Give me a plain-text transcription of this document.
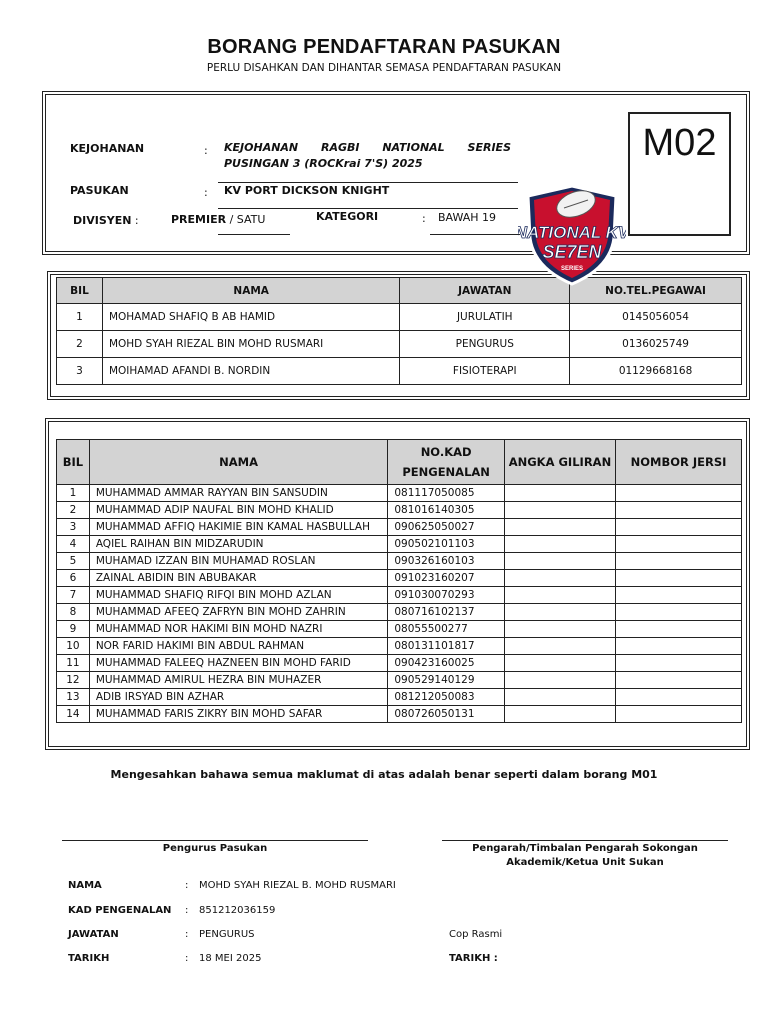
BORANG PENDAFTARAN PASUKAN
PERLU DISAHKAN DAN DIHANTAR SEMASA PENDAFTARAN PASUKAN
KEJOHANAN	: KEJOHANAN RAGBI NATIONAL SERIES PUSINGAN 3 (ROCKrai 7'S) 2025
PASUKAN	: KV PORT DICKSON KNIGHT
DIVISYEN :	PREMIER / SATU	KATEGORI	: BAWAH 19
M02
BIL	NAMA	JAWATAN	NO.TEL.PEGAWAI
1	MOHAMAD SHAFIQ B AB HAMID	JURULATIH	0145056054
2	MOHD SYAH RIEZAL BIN MOHD RUSMARI	PENGURUS	0136025749
3	MOIHAMAD AFANDI B. NORDIN	FISIOTERAPI	01129668168
NATIONAL KV
SE7EN
SERIES
BIL	NAMA	NO.KAD PENGENALAN	ANGKA GILIRAN	NOMBOR JERSI
1	MUHAMMAD AMMAR RAYYAN BIN SANSUDIN	081117050085		
2	MUHAMMAD ADIP NAUFAL BIN MOHD KHALID	081016140305		
3	MUHAMMAD AFFIQ HAKIMIE BIN KAMAL HASBULLAH	090625050027		
4	AQIEL RAIHAN BIN MIDZARUDIN	090502101103		
5	MUHAMAD IZZAN BIN MUHAMAD ROSLAN	090326160103		
6	ZAINAL ABIDIN BIN ABUBAKAR	091023160207		
7	MUHAMMAD SHAFIQ RIFQI BIN MOHD AZLAN	091030070293		
8	MUHAMMAD AFEEQ ZAFRYN BIN MOHD ZAHRIN	080716102137		
9	MUHAMMAD NOR HAKIMI BIN MOHD NAZRI	08055500277		
10	NOR FARID HAKIMI BIN ABDUL RAHMAN	080131101817		
11	MUHAMMAD FALEEQ HAZNEEN BIN MOHD FARID	090423160025		
12	MUHAMMAD AMIRUL HEZRA BIN MUHAZER	090529140129		
13	ADIB IRSYAD BIN AZHAR	081212050083		
14	MUHAMMAD FARIS ZIKRY BIN MOHD SAFAR	080726050131		
Mengesahkan bahawa semua maklumat di atas adalah benar seperti dalam borang M01
Pengurus Pasukan	Pengarah/Timbalan Pengarah Sokongan
Akademik/Ketua Unit Sukan
NAMA	: MOHD SYAH RIEZAL B. MOHD RUSMARI
KAD PENGENALAN : 851212036159
JAWATAN	: PENGURUS	Cop Rasmi
TARIKH	: 18 MEI 2025	TARIKH :
